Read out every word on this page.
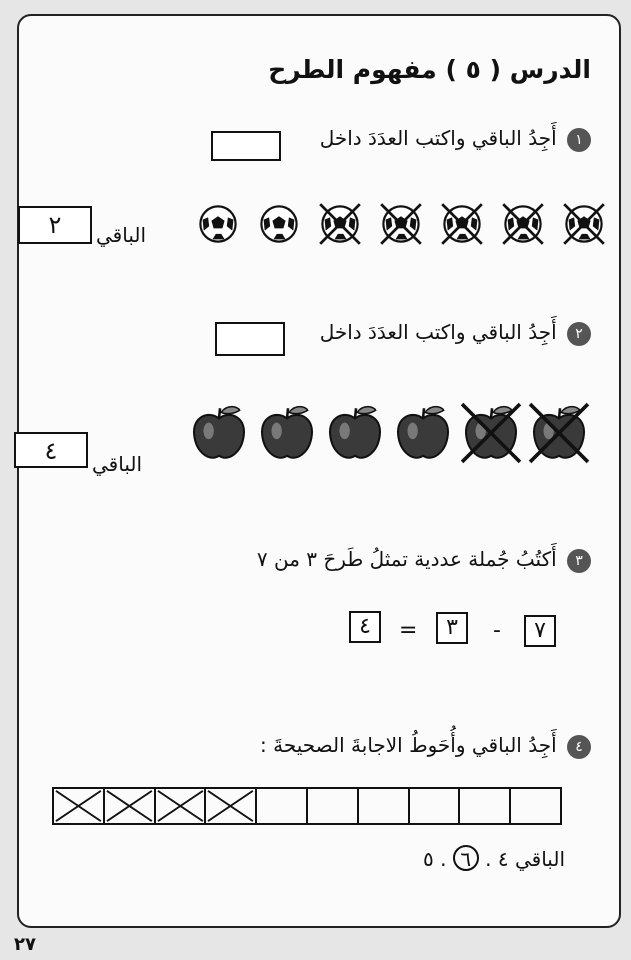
الدرس ( ٥ ) مفهوم الطرح
١ أَجِدُ الباقي واكتب العدَدَ داخل
الباقي
٢
٢ أَجِدُ الباقي واكتب العدَدَ داخل
الباقي
٤
٣ أَكتُبُ جُملة عددية تمثلُ طَرحَ ٣ من ٧
٧
-
٣
=
٤
٤ أَجِدُ الباقي وأُحَوطُ الاجابةَ الصحيحةَ :
الباقي ٤ . ٦ . ٥
٢٧
